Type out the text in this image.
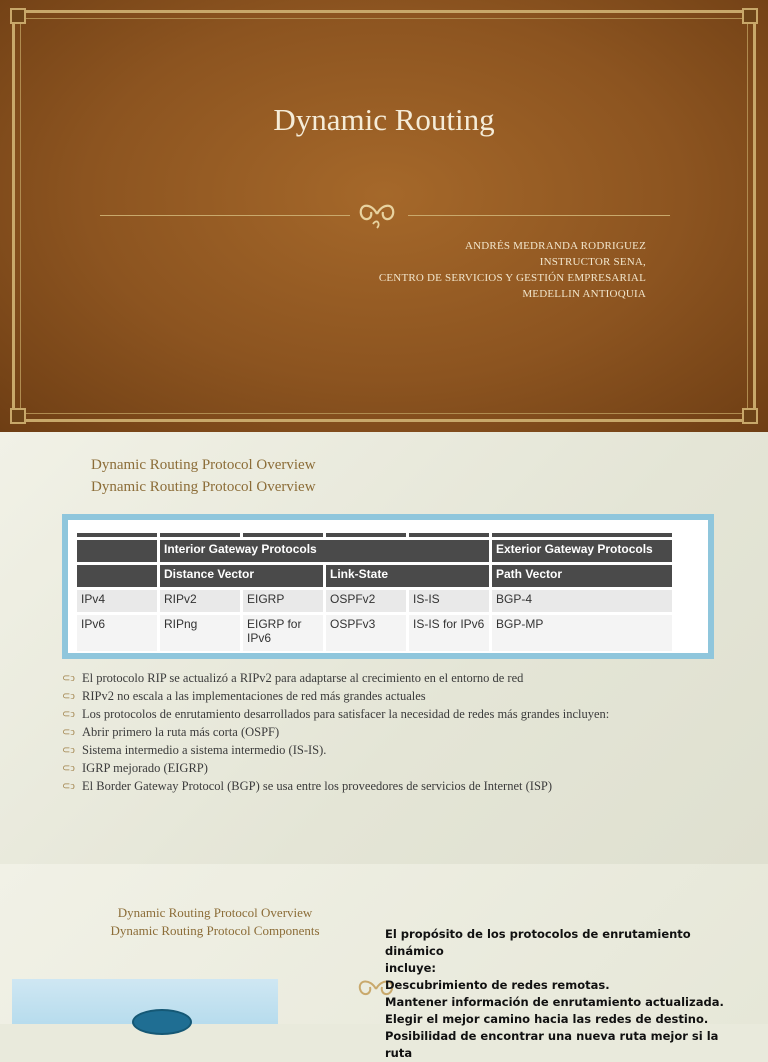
Dynamic Routing
ANDRÉS MEDRANDA RODRIGUEZ
INSTRUCTOR SENA,
CENTRO DE SERVICIOS Y GESTIÓN EMPRESARIAL
MEDELLIN ANTIOQUIA
Dynamic Routing Protocol Overview
Dynamic Routing Protocol Overview

	Interior Gateway Protocols				Exterior Gateway Protocols
	Distance Vector		Link-State		Path Vector
IPv4	RIPv2	EIGRP	OSPFv2	IS-IS	BGP-4
IPv6	RIPng	EIGRP for IPv6	OSPFv3	IS-IS for IPv6	BGP-MP
⊂ↄ El protocolo RIP se actualizó a RIPv2 para adaptarse al crecimiento en el entorno de red
⊂ↄ RIPv2 no escala a las implementaciones de red más grandes actuales
⊂ↄ Los protocolos de enrutamiento desarrollados para satisfacer la necesidad de redes más grandes incluyen:
⊂ↄ Abrir primero la ruta más corta (OSPF)
⊂ↄ Sistema intermedio a sistema intermedio (IS-IS).
⊂ↄ IGRP mejorado (EIGRP)
⊂ↄ El Border Gateway Protocol (BGP) se usa entre los proveedores de servicios de Internet (ISP)
Dynamic Routing Protocol Overview
Dynamic Routing Protocol Components	El propósito de los protocolos de enrutamiento dinámico
incluye:
Descubrimiento de redes remotas.
Mantener información de enrutamiento actualizada.
Elegir el mejor camino hacia las redes de destino.
Posibilidad de encontrar una nueva ruta mejor si la ruta
